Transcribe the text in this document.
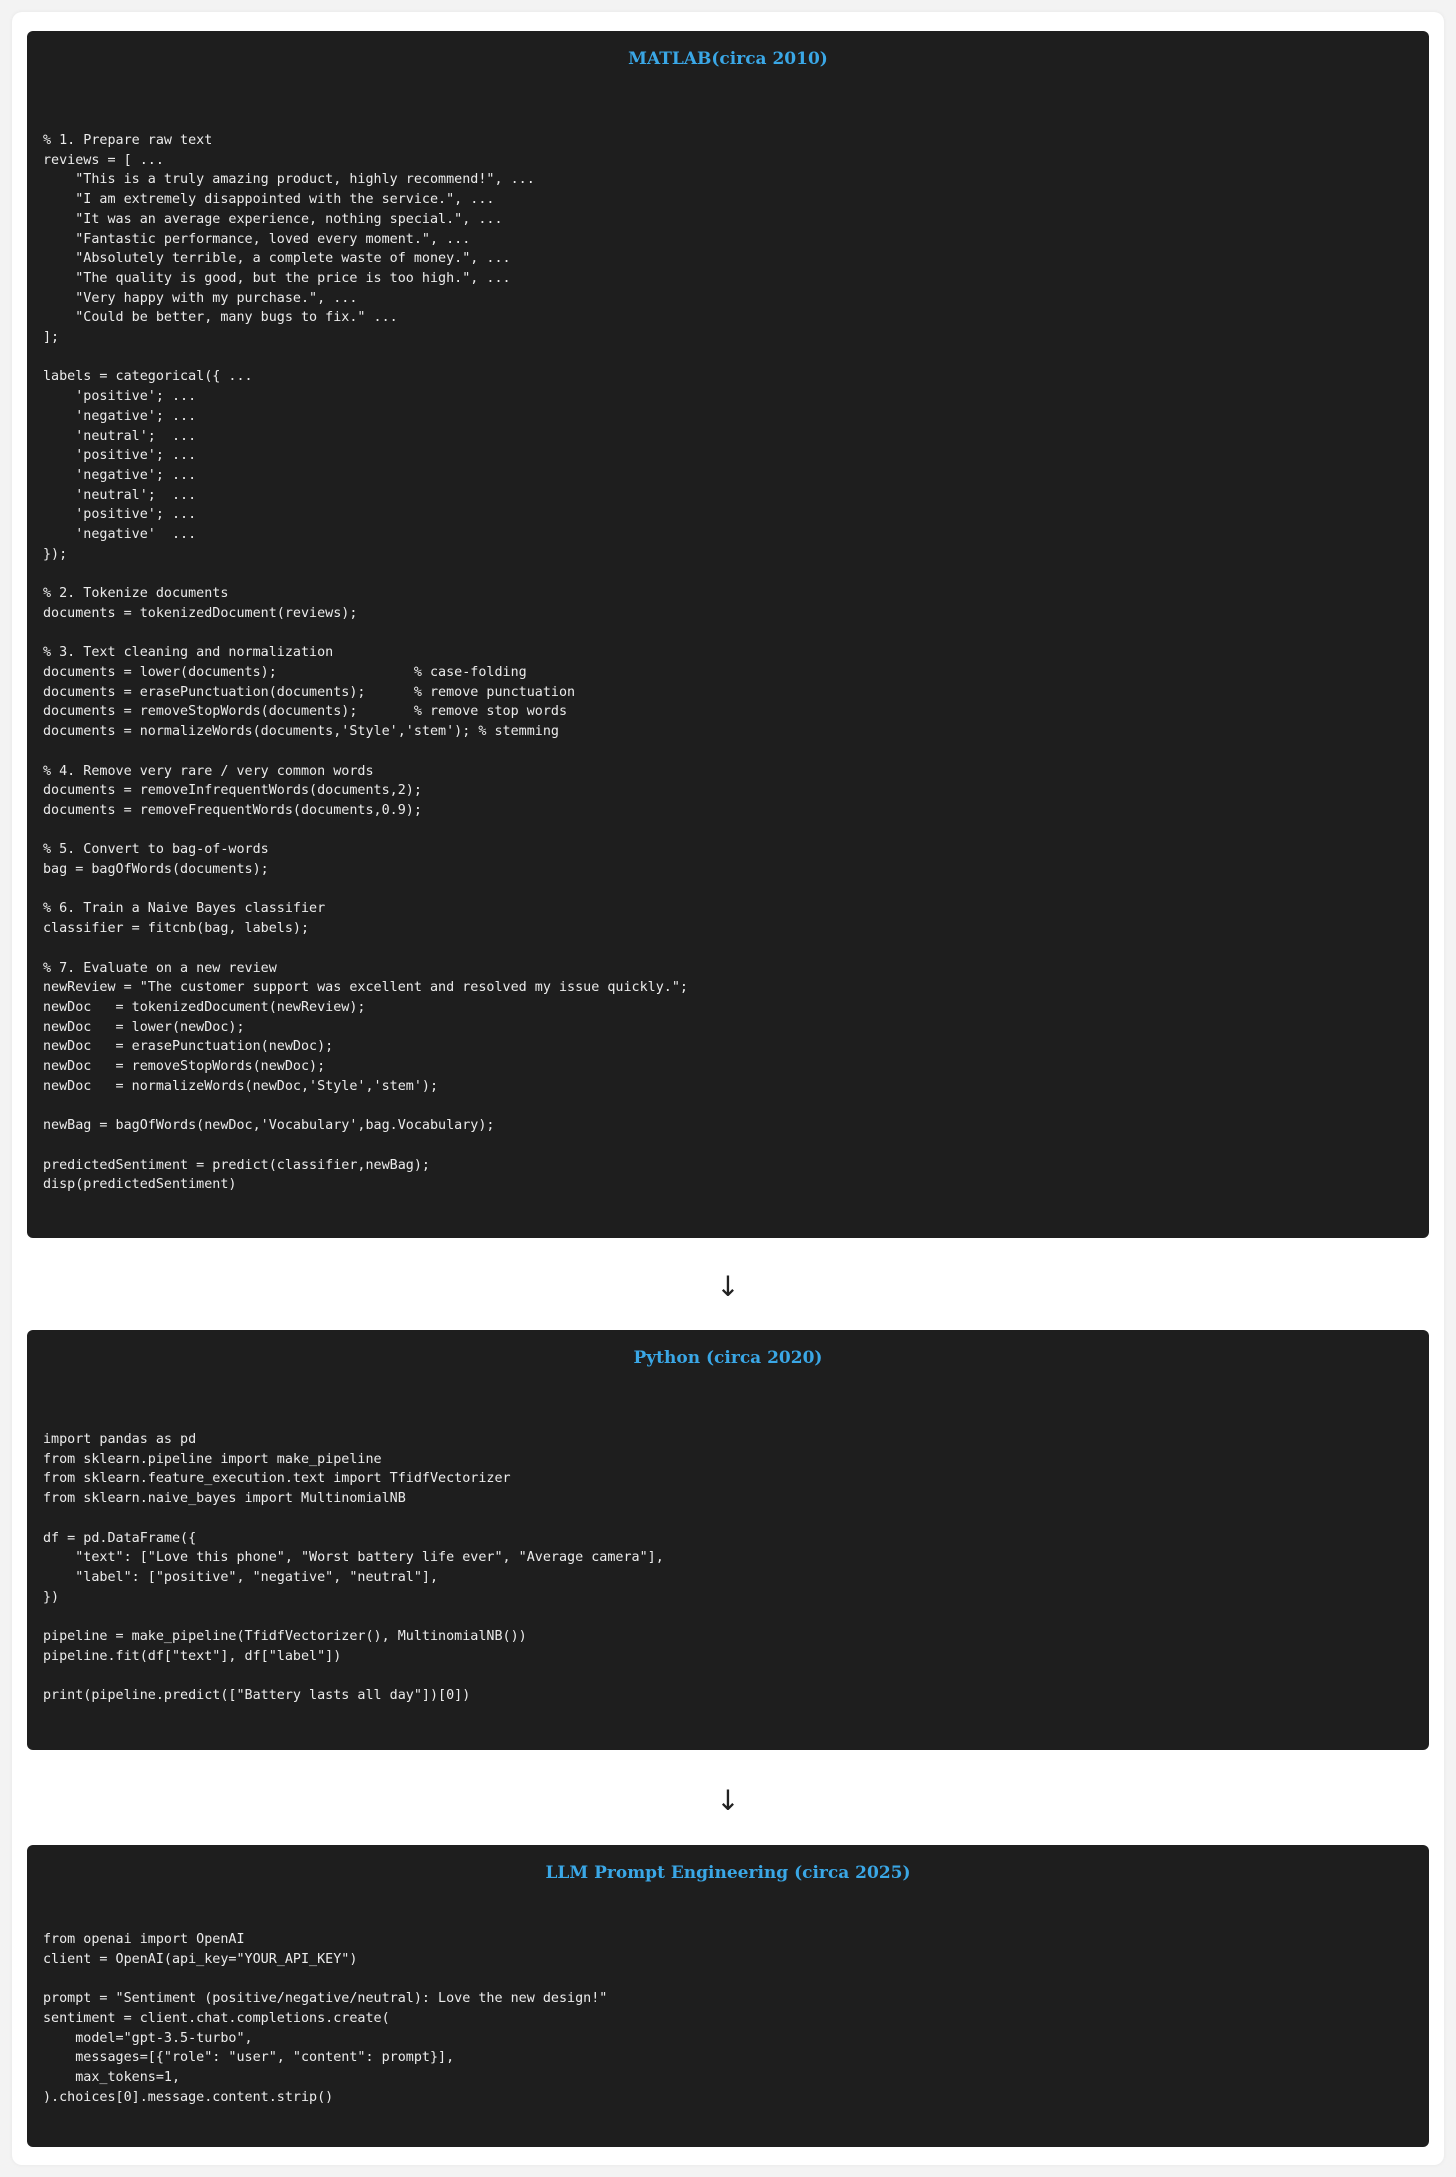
MATLAB(circa 2010)
% 1. Prepare raw text
reviews = [ ...
"This is a truly amazing product, highly recommend!", ...
"I am extremely disappointed with the service.", ...
"It was an average experience, nothing special.", ...
"Fantastic performance, loved every moment.", ...
"Absolutely terrible, a complete waste of money.", ...
"The quality is good, but the price is too high.", ...
"Very happy with my purchase.", ...
"Could be better, many bugs to fix." ...
];

labels = categorical({ ...
'positive'; ...
'negative'; ...
'neutral';  ...
'positive'; ...
'negative'; ...
'neutral';  ...
'positive'; ...
'negative'  ...
});

% 2. Tokenize documents
documents = tokenizedDocument(reviews);

% 3. Text cleaning and normalization
documents = lower(documents);                 % case-folding
documents = erasePunctuation(documents);      % remove punctuation
documents = removeStopWords(documents);       % remove stop words
documents = normalizeWords(documents,'Style','stem'); % stemming

% 4. Remove very rare / very common words
documents = removeInfrequentWords(documents,2);
documents = removeFrequentWords(documents,0.9);

% 5. Convert to bag-of-words
bag = bagOfWords(documents);

% 6. Train a Naive Bayes classifier
classifier = fitcnb(bag, labels);

% 7. Evaluate on a new review
newReview = "The customer support was excellent and resolved my issue quickly.";
newDoc   = tokenizedDocument(newReview);
newDoc   = lower(newDoc);
newDoc   = erasePunctuation(newDoc);
newDoc   = removeStopWords(newDoc);
newDoc   = normalizeWords(newDoc,'Style','stem');

newBag = bagOfWords(newDoc,'Vocabulary',bag.Vocabulary);

predictedSentiment = predict(classifier,newBag);
disp(predictedSentiment)
↓
Python (circa 2020)
import pandas as pd
from sklearn.pipeline import make_pipeline
from sklearn.feature_execution.text import TfidfVectorizer
from sklearn.naive_bayes import MultinomialNB

df = pd.DataFrame({
"text": ["Love this phone", "Worst battery life ever", "Average camera"],
"label": ["positive", "negative", "neutral"],
})

pipeline = make_pipeline(TfidfVectorizer(), MultinomialNB())
pipeline.fit(df["text"], df["label"])

print(pipeline.predict(["Battery lasts all day"])[0])
↓
LLM Prompt Engineering (circa 2025)
from openai import OpenAI
client = OpenAI(api_key="YOUR_API_KEY")

prompt = "Sentiment (positive/negative/neutral): Love the new design!"
sentiment = client.chat.completions.create(
model="gpt-3.5-turbo",
messages=[{"role": "user", "content": prompt}],
max_tokens=1,
).choices[0].message.content.strip()
